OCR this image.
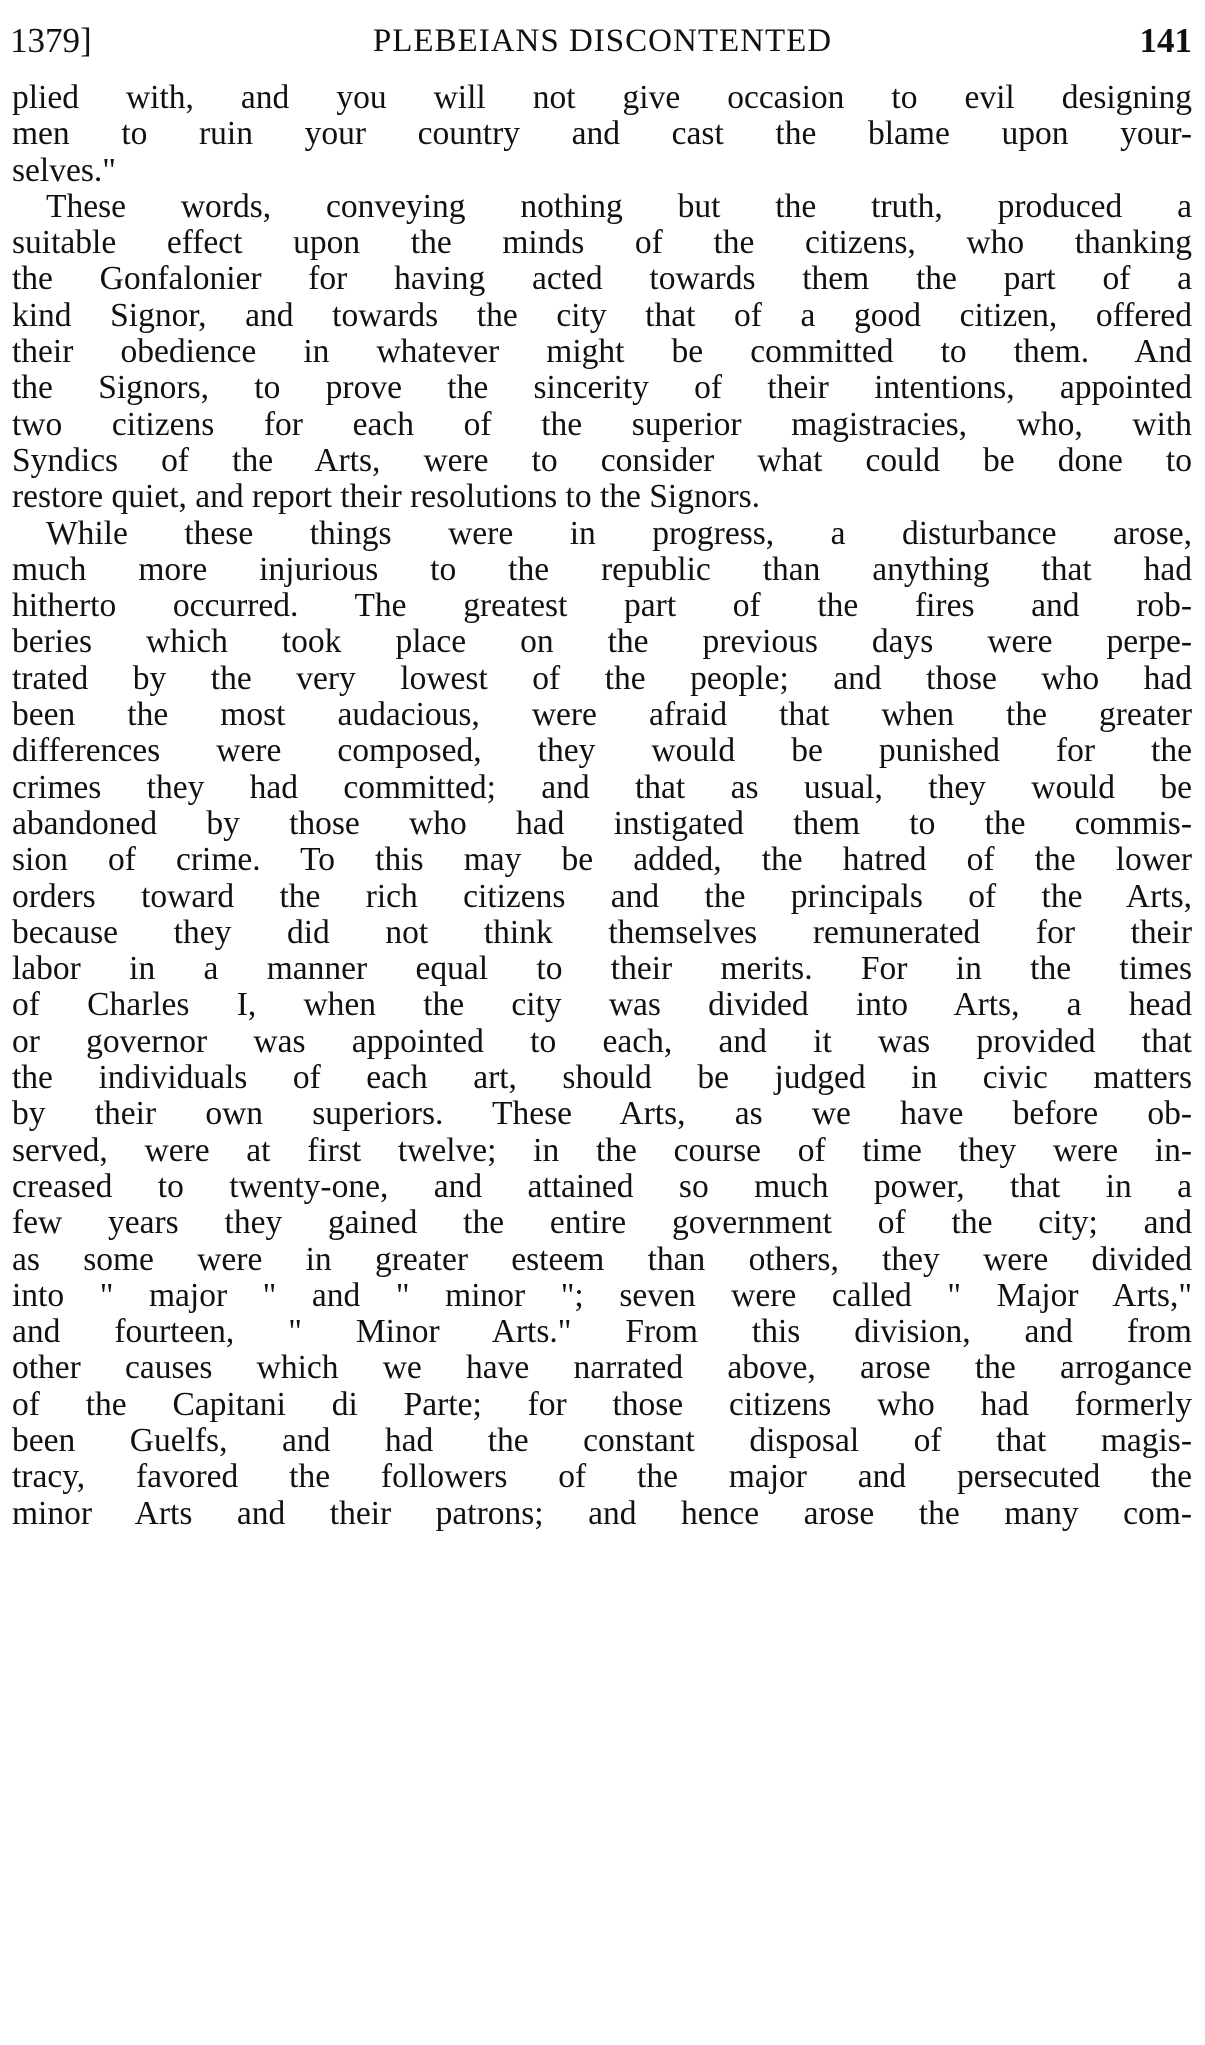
1379]	PLEBEIANS DISCONTENTED	141
plied with, and you will not give occasion to evil designing
men to ruin your country and cast the blame upon your-
selves."
These words, conveying nothing but the truth, produced a
suitable effect upon the minds of the citizens, who thanking
the Gonfalonier for having acted towards them the part of a
kind Signor, and towards the city that of a good citizen, offered
their obedience in whatever might be committed to them. And
the Signors, to prove the sincerity of their intentions, appointed
two citizens for each of the superior magistracies, who, with
Syndics of the Arts, were to consider what could be done to
restore quiet, and report their resolutions to the Signors.
While these things were in progress, a disturbance arose,
much more injurious to the republic than anything that had
hitherto occurred. The greatest part of the fires and rob-
beries which took place on the previous days were perpe-
trated by the very lowest of the people; and those who had
been the most audacious, were afraid that when the greater
differences were composed, they would be punished for the
crimes they had committed; and that as usual, they would be
abandoned by those who had instigated them to the commis-
sion of crime. To this may be added, the hatred of the lower
orders toward the rich citizens and the principals of the Arts,
because they did not think themselves remunerated for their
labor in a manner equal to their merits. For in the times
of Charles I, when the city was divided into Arts, a head
or governor was appointed to each, and it was provided that
the individuals of each art, should be judged in civic matters
by their own superiors. These Arts, as we have before ob-
served, were at first twelve; in the course of time they were in-
creased to twenty-one, and attained so much power, that in a
few years they gained the entire government of the city; and
as some were in greater esteem than others, they were divided
into " major " and " minor "; seven were called " Major Arts,"
and fourteen, " Minor Arts." From this division, and from
other causes which we have narrated above, arose the arrogance
of the Capitani di Parte; for those citizens who had formerly
been Guelfs, and had the constant disposal of that magis-
tracy, favored the followers of the major and persecuted the
minor Arts and their patrons; and hence arose the many com-
